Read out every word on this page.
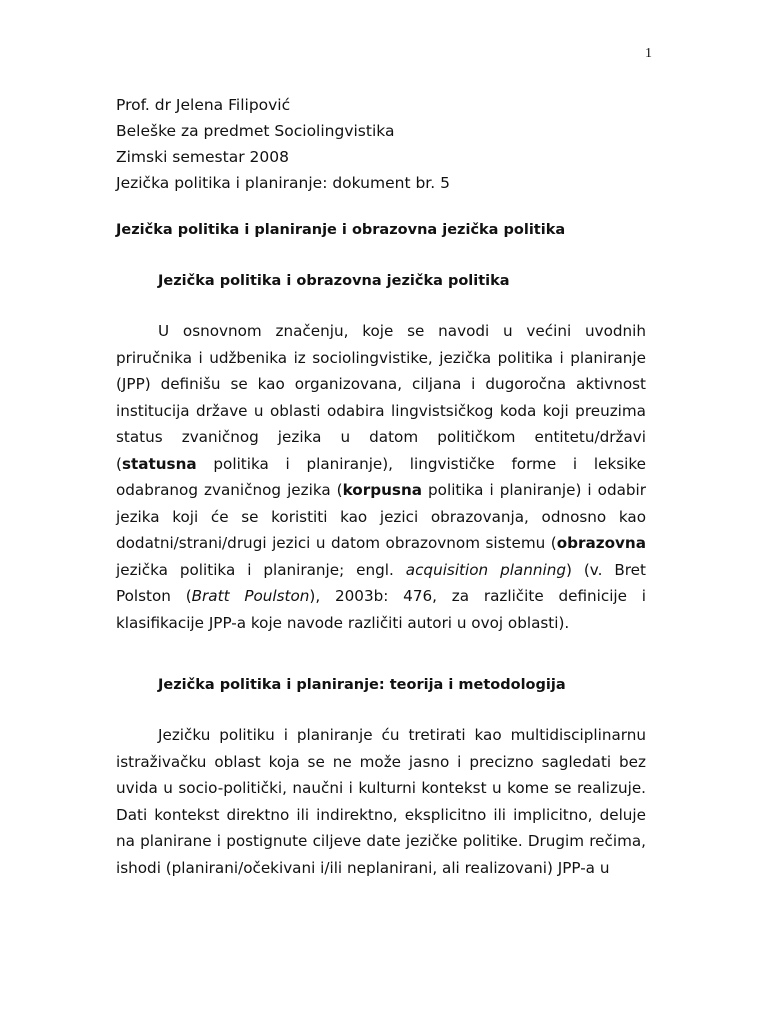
1
Prof. dr Jelena Filipović
Beleške za predmet Sociolingvistika
Zimski semestar 2008
Jezička politika i planiranje: dokument br. 5
Jezička politika i planiranje i obrazovna jezička politika
Jezička politika i obrazovna jezička politika
U osnovnom značenju, koje se navodi u većini uvodnih priručnika i udžbenika iz sociolingvistike, jezička politika i planiranje (JPP) definišu se kao organizovana, ciljana i dugoročna aktivnost institucija države u oblasti odabira lingvistsičkog koda koji preuzima status zvaničnog jezika u datom političkom entitetu/državi (statusna politika i planiranje), lingvističke forme i leksike odabranog zvaničnog jezika (korpusna politika i planiranje) i odabir jezika koji će se koristiti kao jezici obrazovanja, odnosno kao dodatni/strani/drugi jezici u datom obrazovnom sistemu (obrazovna jezička politika i planiranje; engl. acquisition planning) (v. Bret Polston (Bratt Poulston), 2003b: 476, za različite definicije i klasifikacije JPP-a koje navode različiti autori u ovoj oblasti).
Jezička politika i planiranje: teorija i metodologija
Jezičku politiku i planiranje ću tretirati kao multidisciplinarnu istraživačku oblast koja se ne može jasno i precizno sagledati bez uvida u socio-politički, naučni i kulturni kontekst u kome se realizuje. Dati kontekst direktno ili indirektno, eksplicitno ili implicitno, deluje na planirane i postignute ciljeve date jezičke politike. Drugim rečima, ishodi (planirani/očekivani i/ili neplanirani, ali realizovani) JPP-a u
